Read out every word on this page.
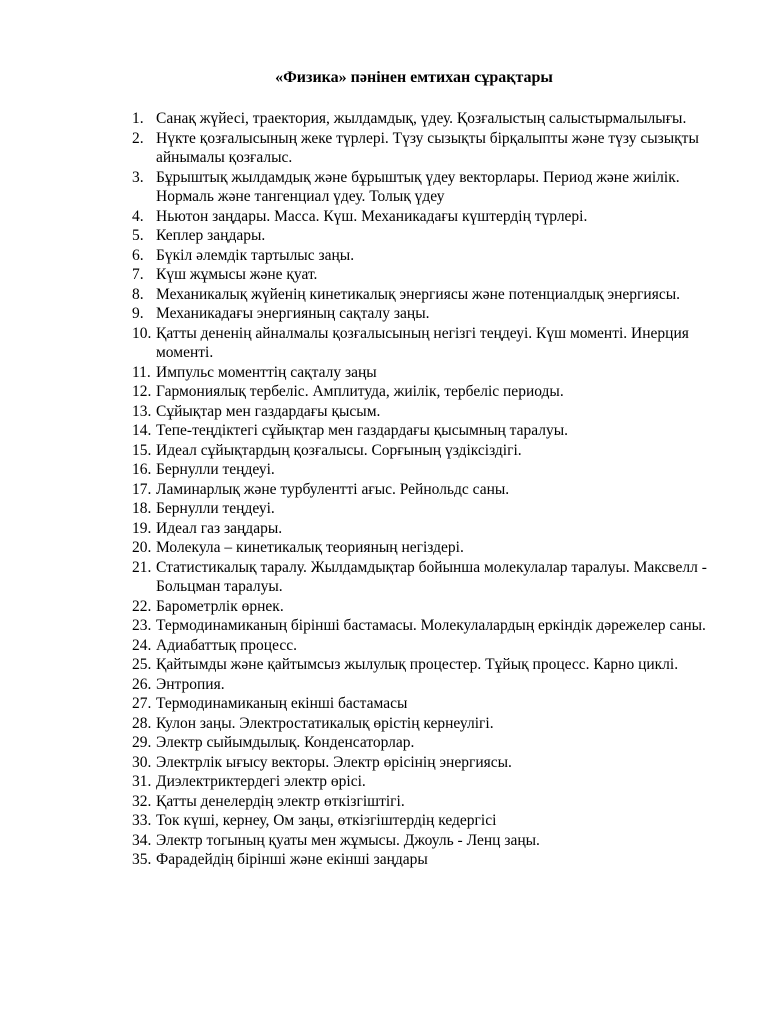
«Физика» пәнінен емтихан сұрақтары
1. Санақ жүйесі, траектория, жылдамдық, үдеу. Қозғалыстың салыстырмалылығы.
2. Нүкте қозғалысының жеке түрлері. Түзу сызықты бірқалыпты және түзу сызықты айнымалы қозғалыс.
3. Бұрыштық жылдамдық және бұрыштық үдеу векторлары. Период және жиілік. Нормаль және тангенциал үдеу. Толық үдеу
4. Ньютон заңдары. Масса. Күш. Механикадағы күштердің түрлері.
5. Кеплер заңдары.
6. Бүкіл әлемдік тартылыс заңы.
7. Күш жұмысы және қуат.
8. Механикалық жүйенің кинетикалық энергиясы және потенциалдық энергиясы.
9. Механикадағы энергияның сақталу заңы.
10. Қатты дененің айналмалы қозғалысының негізгі теңдеуі. Күш моменті. Инерция моменті.
11. Импульс моменттің сақталу заңы
12. Гармониялық тербеліс. Амплитуда, жиілік, тербеліс периоды.
13. Сұйықтар мен газдардағы қысым.
14. Тепе-теңдіктегі сұйықтар мен газдардағы қысымның таралуы.
15. Идеал сұйықтардың қозғалысы. Сорғының үздіксіздігі.
16. Бернулли теңдеуі.
17. Ламинарлық және турбулентті ағыс. Рейнольдс саны.
18. Бернулли теңдеуі.
19. Идеал газ заңдары.
20. Молекула – кинетикалық теорияның негіздері.
21. Статистикалық таралу. Жылдамдықтар бойынша молекулалар таралуы. Максвелл - Больцман таралуы.
22. Барометрлік өрнек.
23. Термодинамиканың бірінші бастамасы. Молекулалардың еркіндік дәрежелер саны.
24. Адиабаттық процесс.
25. Қайтымды және қайтымсыз жылулық процестер. Тұйық процесс. Карно циклі.
26. Энтропия.
27. Термодинамиканың екінші бастамасы
28. Кулон заңы. Электростатикалық өрістің кернеулігі.
29. Электр сыйымдылық. Конденсаторлар.
30. Электрлік ығысу векторы. Электр өрісінің энергиясы.
31. Диэлектриктердегі электр өрісі.
32. Қатты денелердің электр өткізгіштігі.
33. Ток күші, кернеу, Ом заңы, өткізгіштердің кедергісі
34. Электр тогының қуаты мен жұмысы. Джоуль - Ленц заңы.
35. Фарадейдің бірінші және екінші заңдары
